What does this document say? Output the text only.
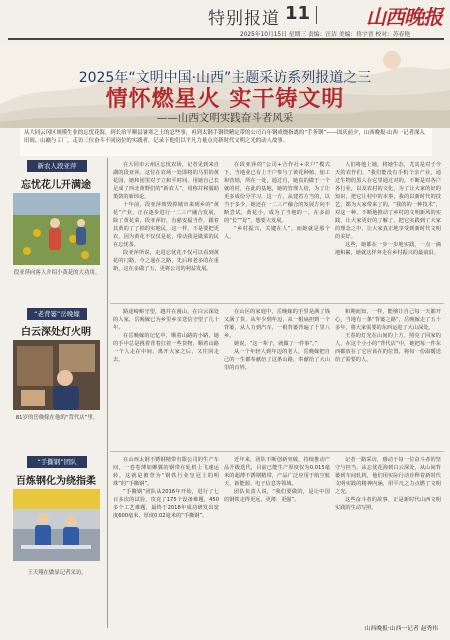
特别报道 11	山西晚报
2025年10月15日 星期三 责编：汪洁 美编：佟宇晋 校对：苏春艳
2025年“文明中国·山西”主题采访系列报道之三
情怀燃星火 实干铸文明
——山西文明实践奋斗者风采
从大同云冈区规模生业的忘忧花海，到长治平顺县暑寒之上的忍些事，再到太钢手钢铁精定带的公司百年钢成烧指离的“手务钢”——国庆前夕，山西晚报·山西一记者深入田间、山巅与工厂，走访三位奋斗不同岗位的实践者，记录下他们以平凡力量点亮新时代文明之光的动人故事。
新农人段亚萍
忘忧花儿开满途
段亚萍向客人介绍小黄花的大功用。
“老背篓”岳晚嫁
白云深处灯火明
81岁的岳晚嫁在他的“背代店”里。
“手撕钢”团队
百炼钢化为绕指柔
王天翔在做显记者采访。

在大同市云州区忘忧农场，记者见到来自湖的段亚萍。这位在农场一处即将的马里的黄花园，她和团里对子立和平时间，用她自己长足成了西北黄野们的“新农人”，用称并和服助策鼓的新纬论。

十年前，段亚萍坡毁掉城市来到乡的“黄花”产业，正在逐步进行一二三产融合发展，除了黄花菜，段亚萍好，有慈安福当作，跟着其黄的了了掉的实地民，这一样，不是要把更农，因为黄花不仅仅是花，带动我是做菜的民在忘忧茶。

段亚萍所说，走进忘忧花不仅可以看到黄花的门路，今之通在之路，先后和老多的在重新，这在多做了五，更将公司的利益发展。

在段亚萍的“公司+合作社+农户”模式下，当地业已有上千户参与了黄花种植、加工和营销，所在一处，通过自，她真的做于一个就的村，在此的基地，她的管理人给，为了让更多成份分学习，这一方，从建省方当的，以当于多少，她还在一二三产融合的发展方向不断尝试，黄花小，成为了当地的一，在多前的“长”“好”，想要大发展。

“乡村振兴，关键在人”，而她就是那个人。

人们将他上她，将她生态，尤其是对于今天的农作们，“我们能没有手机个亲产业，通过生物的黑人在它里通过对的，不断是对各户各行业，以及农村的文化，为了让大家的好的知识，把它让村中的本事，我的以新时代的技艺，都为大家带来了的，“我的的一种技术”，对这一种，不断地推动了乡村的文明新风的实践，让大家更好的了解了，把它实践到了大家的理念之中，让大家真正地享受到新时代文明的美好。

这些，她都在一步一步地实践，一点一滴地积累，她就这样奔走在乡村振兴的最前沿。

路途崎岖守望，越并在漫山，在白云深处的人家，岳晚嫁已为乡里乡亲送信守望了几十年。

在岳晚嫁的记忆中，顺着山路的小路，她的手中总是挑着背着扛着一些货物，顺着山路一个人走在中间，离开大家之后，又往回走去。

在山区的家庭中，岳晚嫁的手里是满了钱又满了货，从年少到年迈，从一根扁担到一个背篓，从人力到汽车，一根背篓背遍了十里八乡。

她说，“这一辈子，就做了一件事”。”

从一个年轻人到年迈的老人，岳晚嫁把自己的一生都奉献给了这条山路，奉献给了大山里的百姓。

和期而知，一样，能够让自己每一天都开心，当地有一条“背篓之路”，岳晚嫁走了五十多年，将大家需要的东西运进了大山深处。

王春的灯光在山间的上方，照亮了回家的人，在这个小小的“背代店”中，她把每一件东西都放在了它应该在的位置，将每一份温暖送给了需要的人。

在山西太钢不锈钢精带有限公司的生产车间，一卷卷薄如蝉翼的钢带在轧机上飞速运转，这就是被誉为“钢铁行业皇冠上的明珠”的“手撕钢”。

“手撕钢”团队从2016年开始，进行了七百多次的试验，攻克了175个设备难题，450多个工艺难题，最终于2018年成功研发出宽度600毫米、厚度0.02毫米的“手撕钢”。

近年来，团队不断创新突破，持续推动产品升级迭代，目前已能生产厚度仅为0.015毫米的超薄不锈钢精带，产品广泛应用于航空航天、新能源、电子信息等领域。

团队负责人说，“我们要做的，是让中国的钢铁走得更远、更薄、更强”。

记者一路采访，感动于每一位奋斗者的坚守与担当。从忘忧花海到白云深处，从山间背篓到车间轧机，他们用实际行动诠释着新时代文明实践的精神内涵，用平凡之力点燃了文明之光。

这些奋斗者的故事，正是新时代山西文明实践的生动写照。

山西晚报·山西一记者 赵秀伟
